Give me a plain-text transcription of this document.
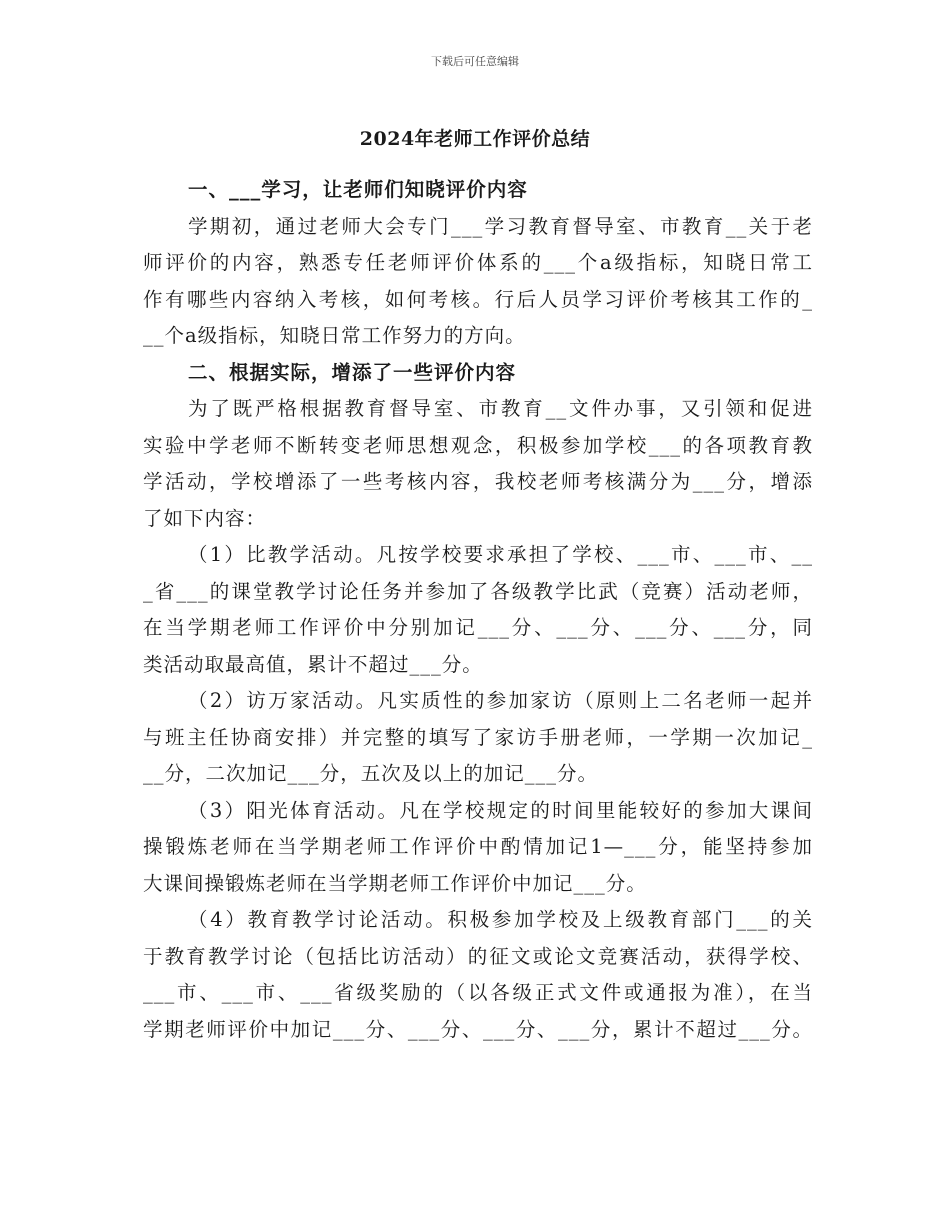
下载后可任意编辑
2024年老师工作评价总结
一、___学习，让老师们知晓评价内容
学期初，通过老师大会专门___学习教育督导室、市教育__关于老
师评价的内容，熟悉专任老师评价体系的___个a级指标，知晓日常工
作有哪些内容纳入考核，如何考核。行后人员学习评价考核其工作的_
__个a级指标，知晓日常工作努力的方向。
二、根据实际，增添了一些评价内容
为了既严格根据教育督导室、市教育__文件办事，又引领和促进
实验中学老师不断转变老师思想观念，积极参加学校___的各项教育教
学活动，学校增添了一些考核内容，我校老师考核满分为___分，增添
了如下内容：
（1）比教学活动。凡按学校要求承担了学校、___市、___市、__
_省___的课堂教学讨论任务并参加了各级教学比武（竞赛）活动老师，
在当学期老师工作评价中分别加记___分、___分、___分、___分，同
类活动取最高值，累计不超过___分。
（2）访万家活动。凡实质性的参加家访（原则上二名老师一起并
与班主任协商安排）并完整的填写了家访手册老师，一学期一次加记_
__分，二次加记___分，五次及以上的加记___分。
（3）阳光体育活动。凡在学校规定的时间里能较好的参加大课间
操锻炼老师在当学期老师工作评价中酌情加记1—___分，能坚持参加
大课间操锻炼老师在当学期老师工作评价中加记___分。
（4）教育教学讨论活动。积极参加学校及上级教育部门___的关
于教育教学讨论（包括比访活动）的征文或论文竞赛活动，获得学校、
___市、___市、___省级奖励的（以各级正式文件或通报为准），在当
学期老师评价中加记___分、___分、___分、___分，累计不超过___分。
